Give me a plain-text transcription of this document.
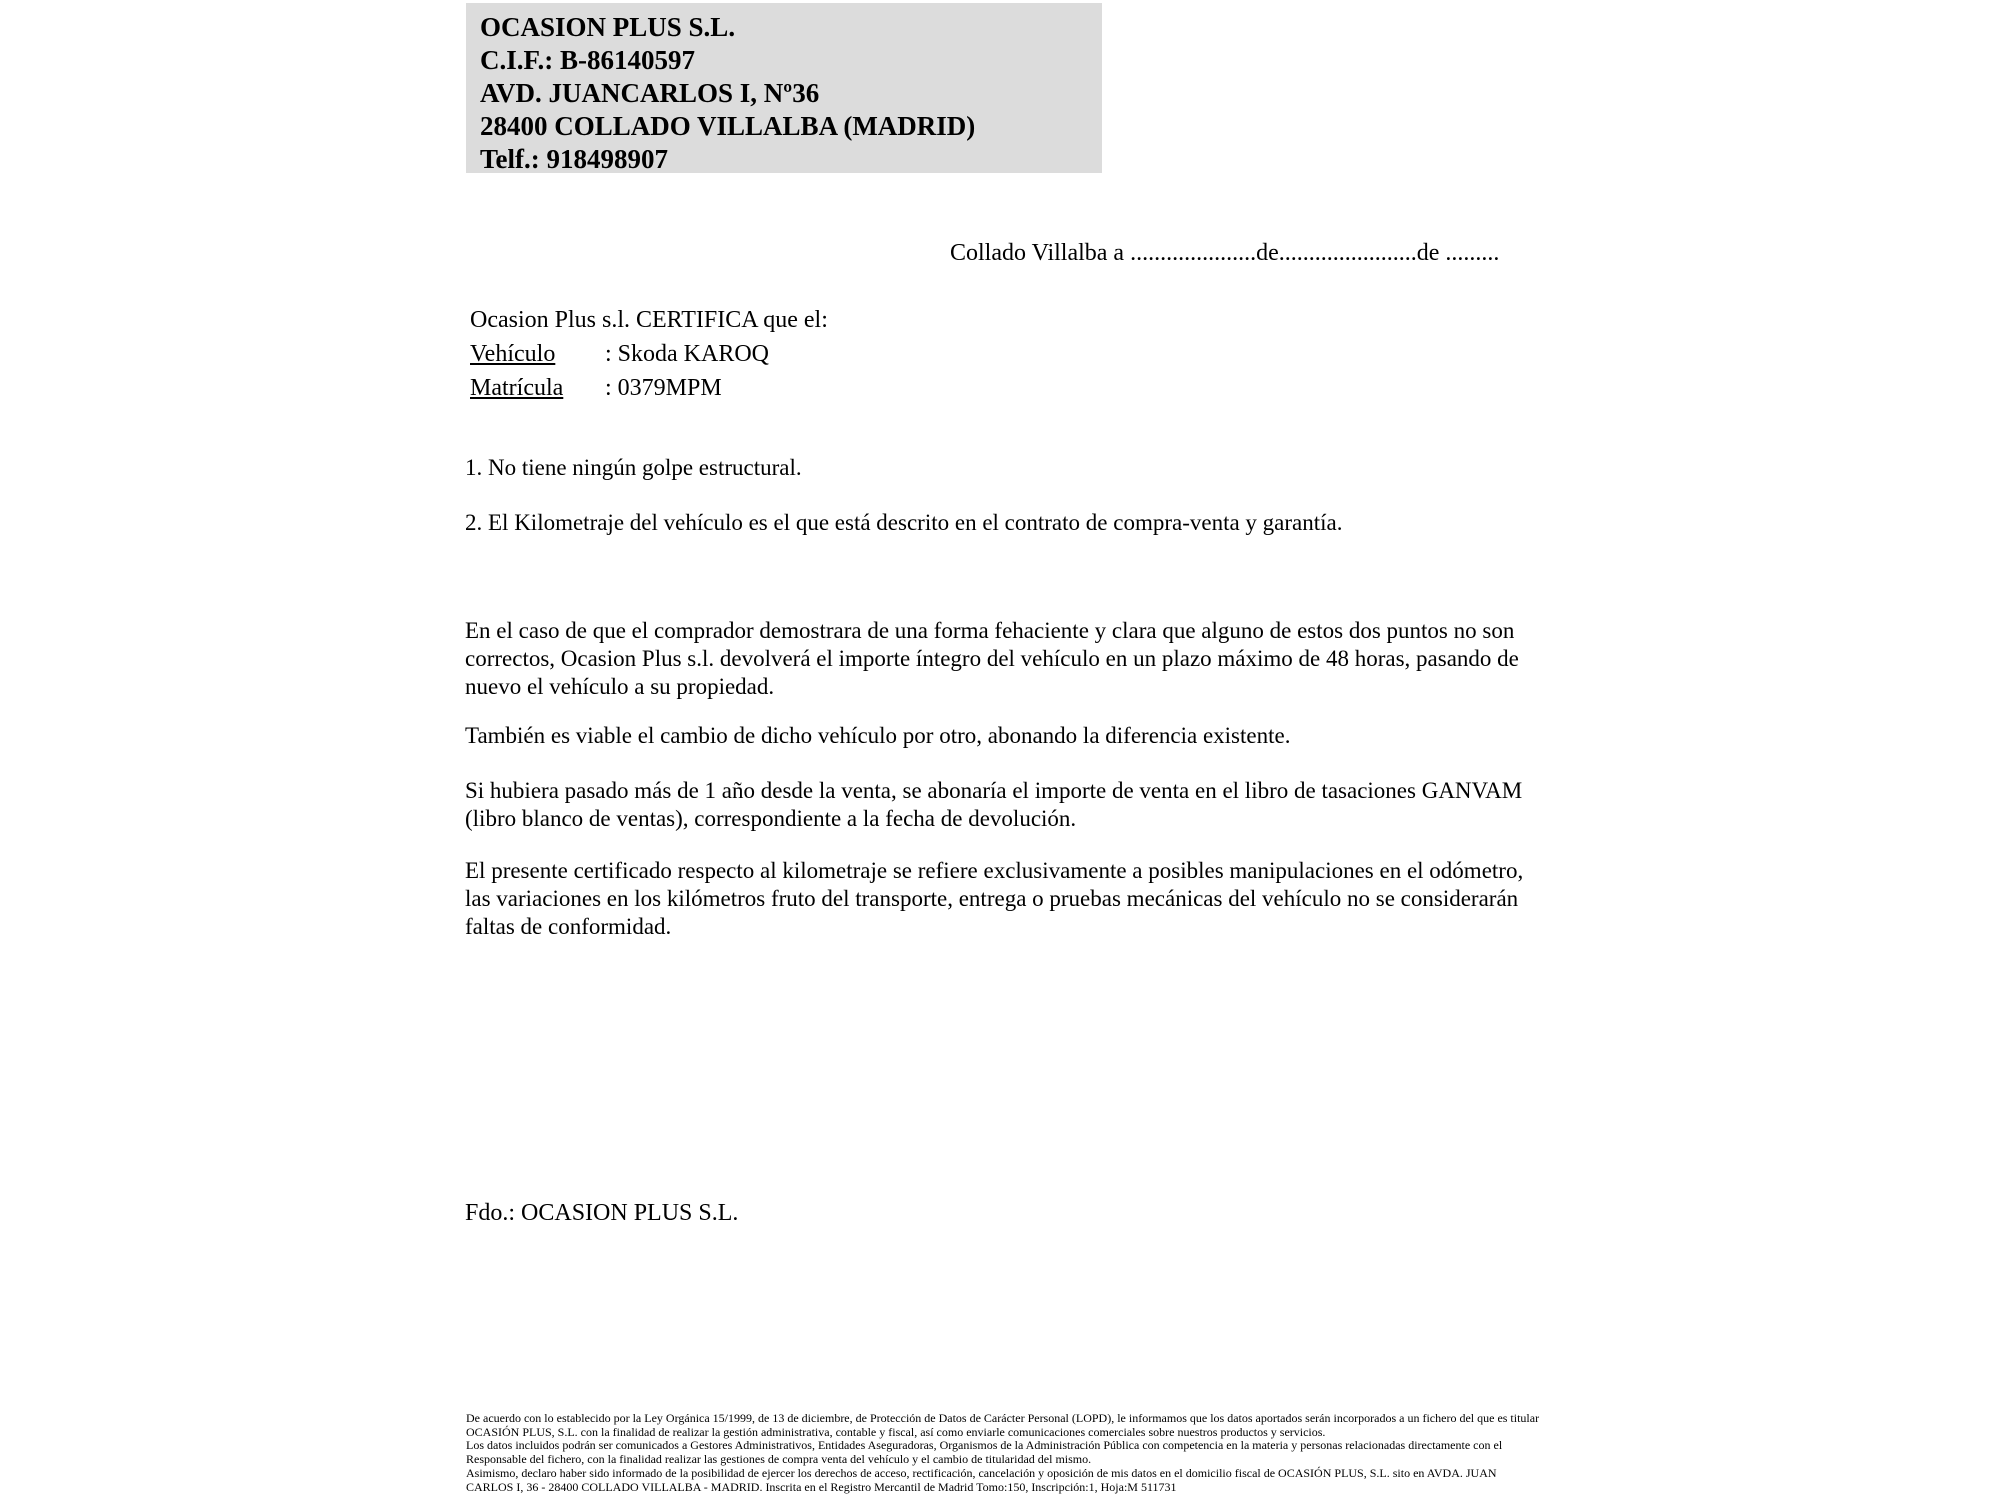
OCASION PLUS S.L.
C.I.F.: B-86140597
AVD. JUANCARLOS I, Nº36
28400 COLLADO VILLALBA (MADRID)
Telf.: 918498907
Collado Villalba a .....................de.......................de .........
Ocasion Plus s.l. CERTIFICA que el:
Vehículo : Skoda KAROQ
Matrícula : 0379MPM
1. No tiene ningún golpe estructural.
2. El Kilometraje del vehículo es el que está descrito en el contrato de compra-venta y garantía.
En el caso de que el comprador demostrara de una forma fehaciente y clara que alguno de estos dos puntos no son correctos, Ocasion Plus s.l. devolverá el importe íntegro del vehículo en un plazo máximo de 48 horas, pasando de nuevo el vehículo a su propiedad.
También es viable el cambio de dicho vehículo por otro, abonando la diferencia existente.
Si hubiera pasado más de 1 año desde la venta, se abonaría el importe de venta en el libro de tasaciones GANVAM (libro blanco de ventas), correspondiente a la fecha de devolución.
El presente certificado respecto al kilometraje se refiere exclusivamente a posibles manipulaciones en el odómetro, las variaciones en los kilómetros fruto del transporte, entrega o pruebas mecánicas del vehículo no se considerarán faltas de conformidad.
Fdo.: OCASION PLUS S.L.
De acuerdo con lo establecido por la Ley Orgánica 15/1999, de 13 de diciembre, de Protección de Datos de Carácter Personal (LOPD), le informamos que los datos aportados serán incorporados a un fichero del que es titular
OCASIÓN PLUS, S.L. con la finalidad de realizar la gestión administrativa, contable y fiscal, así como enviarle comunicaciones comerciales sobre nuestros productos y servicios.
Los datos incluidos podrán ser comunicados a Gestores Administrativos, Entidades Aseguradoras, Organismos de la Administración Pública con competencia en la materia y personas relacionadas directamente con el
Responsable del fichero, con la finalidad realizar las gestiones de compra venta del vehículo y el cambio de titularidad del mismo.
Asimismo, declaro haber sido informado de la posibilidad de ejercer los derechos de acceso, rectificación, cancelación y oposición de mis datos en el domicilio fiscal de OCASIÓN PLUS, S.L. sito en AVDA. JUAN
CARLOS I, 36 - 28400 COLLADO VILLALBA - MADRID. Inscrita en el Registro Mercantil de Madrid Tomo:150, Inscripción:1, Hoja:M 511731
